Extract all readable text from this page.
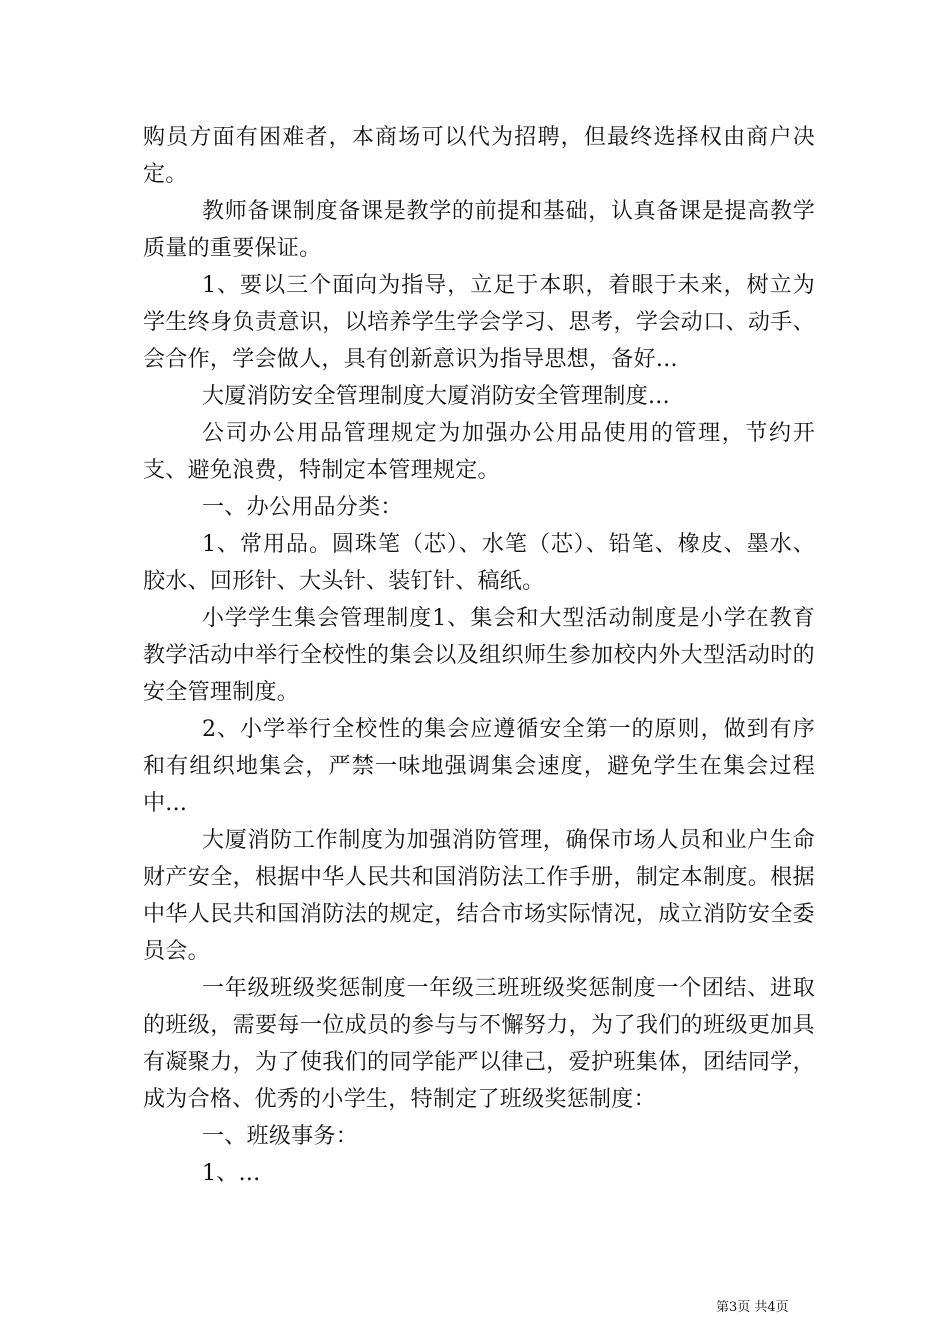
购员方面有困难者，本商场可以代为招聘，但最终选择权由商户决定。

教师备课制度备课是教学的前提和基础，认真备课是提高教学质量的重要保证。

1、要以三个面向为指导，立足于本职，着眼于未来，树立为学生终身负责意识，以培养学生学会学习、思考，学会动口、动手、会合作，学会做人，具有创新意识为指导思想，备好...

大厦消防安全管理制度大厦消防安全管理制度...

公司办公用品管理规定为加强办公用品使用的管理，节约开支、避免浪费，特制定本管理规定。

一、办公用品分类：

1、常用品。圆珠笔（芯）、水笔（芯）、铅笔、橡皮、墨水、胶水、回形针、大头针、装钉针、稿纸。

小学学生集会管理制度1、集会和大型活动制度是小学在教育教学活动中举行全校性的集会以及组织师生参加校内外大型活动时的安全管理制度。

2、小学举行全校性的集会应遵循安全第一的原则，做到有序和有组织地集会，严禁一味地强调集会速度，避免学生在集会过程中...

大厦消防工作制度为加强消防管理，确保市场人员和业户生命财产安全，根据中华人民共和国消防法工作手册，制定本制度。根据中华人民共和国消防法的规定，结合市场实际情况，成立消防安全委员会。

一年级班级奖惩制度一年级三班班级奖惩制度一个团结、进取的班级，需要每一位成员的参与与不懈努力，为了我们的班级更加具有凝聚力，为了使我们的同学能严以律己，爱护班集体，团结同学，成为合格、优秀的小学生，特制定了班级奖惩制度：

一、班级事务：

1、...

第3页 共4页
